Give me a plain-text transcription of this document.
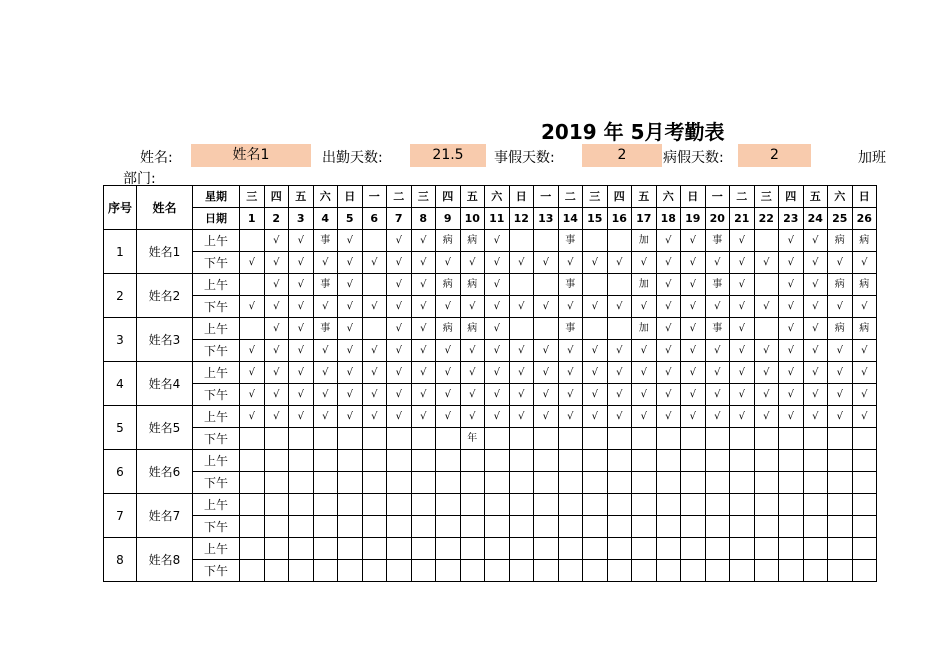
2019 年 5月考勤表
姓名:	姓名1	出勤天数:	21.5	事假天数:	2	病假天数:	2	加班
部门:
序号	姓名	星期	三	四	五	六	日	一	二	三	四	五	六	日	一	二	三	四	五	六	日	一	二	三	四	五	六	日
		日期	1	2	3	4	5	6	7	8	9	10	11	12	13	14	15	16	17	18	19	20	21	22	23	24	25	26
1	姓名1	上午		√	√	事	√		√	√	病	病	√			事			加	√	√	事	√		√	√	病	病
		下午	√	√	√	√	√	√	√	√	√	√	√	√	√	√	√	√	√	√	√	√	√	√	√	√	√	√
2	姓名2	上午		√	√	事	√		√	√	病	病	√			事			加	√	√	事	√		√	√	病	病
		下午	√	√	√	√	√	√	√	√	√	√	√	√	√	√	√	√	√	√	√	√	√	√	√	√	√	√
3	姓名3	上午		√	√	事	√		√	√	病	病	√			事			加	√	√	事	√		√	√	病	病
		下午	√	√	√	√	√	√	√	√	√	√	√	√	√	√	√	√	√	√	√	√	√	√	√	√	√	√
4	姓名4	上午	√	√	√	√	√	√	√	√	√	√	√	√	√	√	√	√	√	√	√	√	√	√	√	√	√	√
		下午	√	√	√	√	√	√	√	√	√	√	√	√	√	√	√	√	√	√	√	√	√	√	√	√	√	√
5	姓名5	上午	√	√	√	√	√	√	√	√	√	√	√	√	√	√	√	√	√	√	√	√	√	√	√	√	√	√
		下午										年																
6	姓名6	上午																										
		下午																										
7	姓名7	上午																										
		下午																										
8	姓名8	上午																										
		下午																										
